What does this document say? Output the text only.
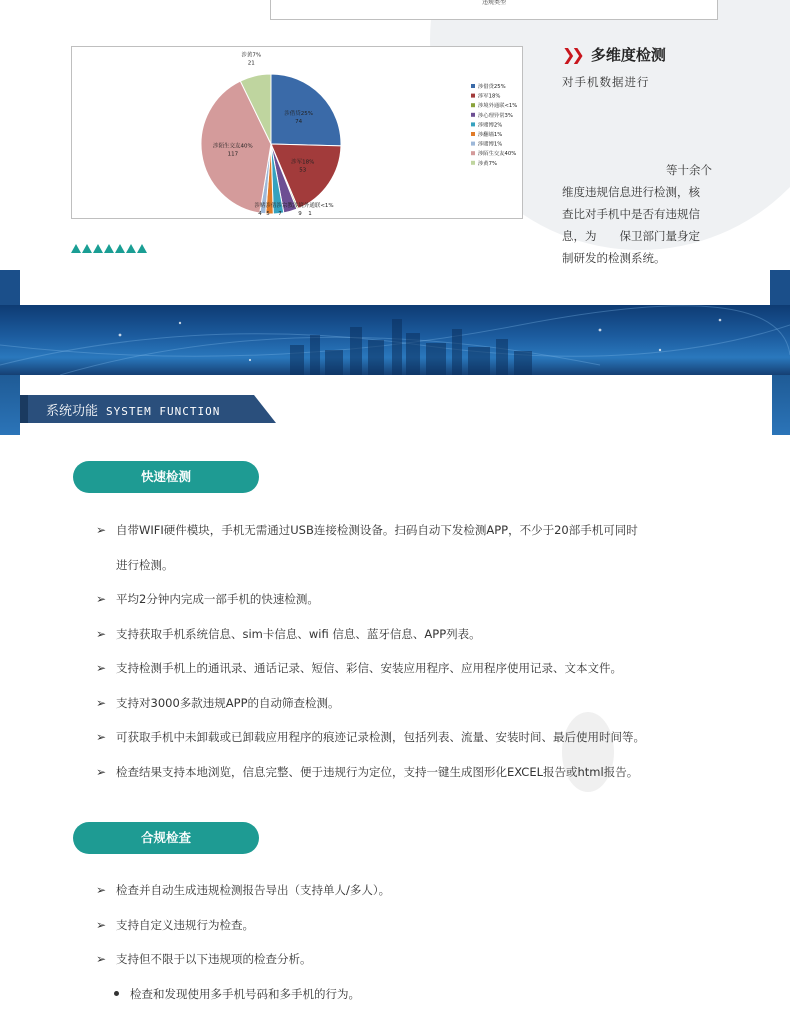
违规类型
涉借贷25%
74
涉军18%
53
涉陌生交友40%
117
涉黄7%
21
涉赌涉借涉宗教涉境外通联<1%
4 5 7	9 1
涉借贷25%
涉军18%
涉境外通联<1%
涉心理异常3%
涉赌博2%
涉翻墙1%
涉賭博1%
涉陌生交友40%
涉黄7%
❯❯ 多维度检测
对手机数据进行
等十余个
维度违规信息进行检测，核
查比对手机中是否有违规信
息，为　　保卫部门量身定
制研发的检测系统。
系统功能 SYSTEM FUNCTION
快速检测
➢ 自带WIFI硬件模块，手机无需通过USB连接检测设备。扫码自动下发检测APP，不少于20部手机可同时
进行检测。
➢ 平均2分钟内完成一部手机的快速检测。
➢ 支持获取手机系统信息、sim卡信息、wifi 信息、蓝牙信息、APP列表。
➢ 支持检测手机上的通讯录、通话记录、短信、彩信、安装应用程序、应用程序使用记录、文本文件。
➢ 支持对3000多款违规APP的自动筛查检测。
➢ 可获取手机中未卸载或已卸载应用程序的痕迹记录检测，包括列表、流量、安装时间、最后使用时间等。
➢ 检查结果支持本地浏览，信息完整、便于违规行为定位，支持一键生成图形化EXCEL报告或html报告。
合规检查
➢ 检查并自动生成违规检测报告导出（支持单人/多人）。
➢ 支持自定义违规行为检查。
➢ 支持但不限于以下违规项的检查分析。
检查和发现使用多手机号码和多手机的行为。
